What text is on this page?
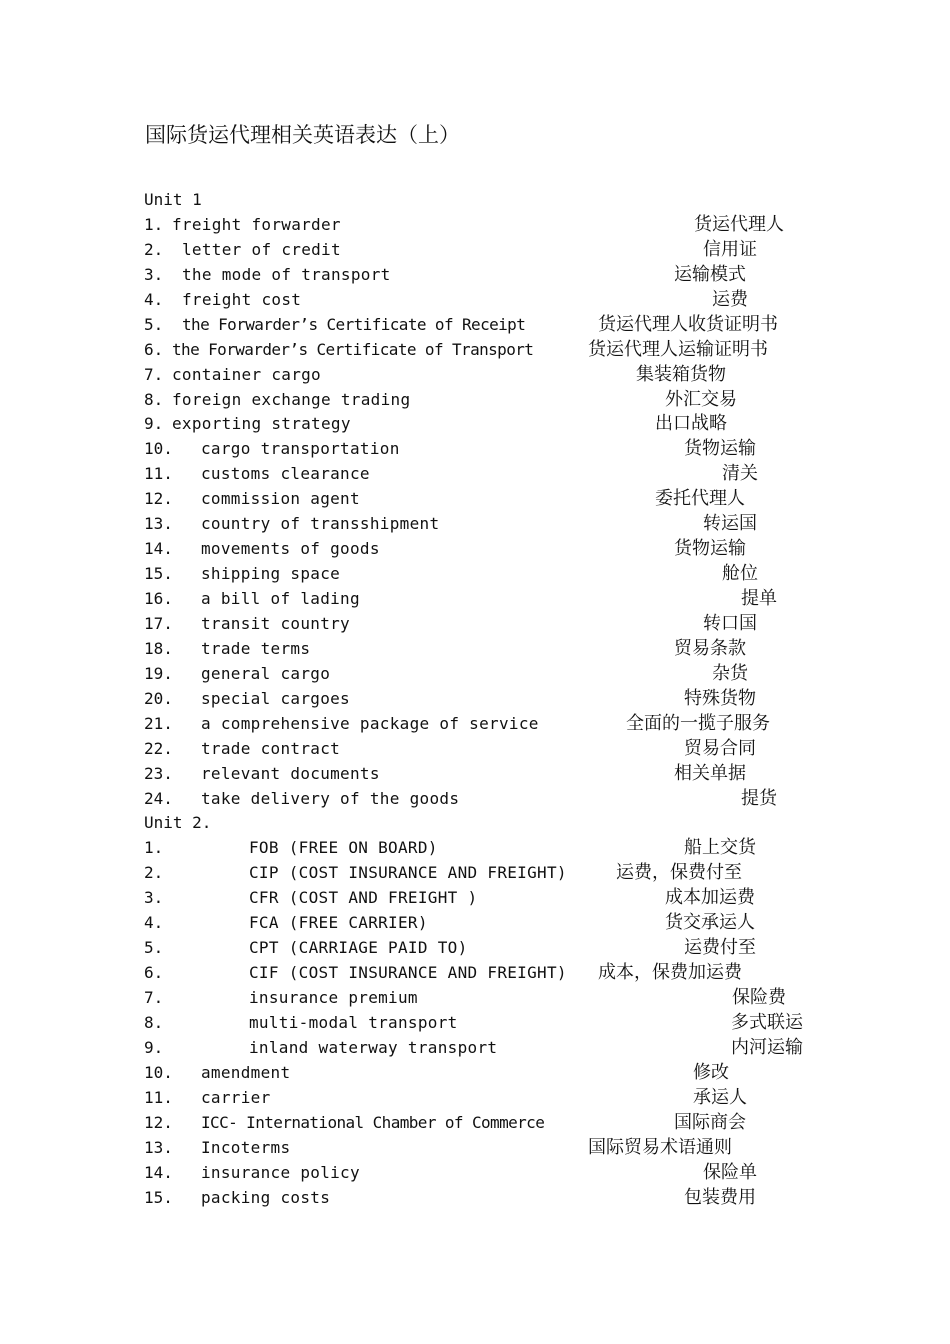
国际货运代理相关英语表达（上）
Unit 1
1. freight forwarder	货运代理人
2. letter of credit	信用证
3. the mode of transport	运输模式
4. freight cost	运费
5. the Forwarder’s Certificate of Receipt	货运代理人收货证明书
6. the Forwarder’s Certificate of Transport	货运代理人运输证明书
7. container cargo	集装箱货物
8. foreign exchange trading	外汇交易
9. exporting strategy	出口战略
10. cargo transportation	货物运输
11. customs clearance	清关
12. commission agent	委托代理人
13. country of transshipment	转运国
14. movements of goods	货物运输
15. shipping space	舱位
16. a bill of lading	提单
17. transit country	转口国
18. trade terms	贸易条款
19. general cargo	杂货
20. special cargoes	特殊货物
21. a comprehensive package of service	全面的一揽子服务
22. trade contract	贸易合同
23. relevant documents	相关单据
24. take delivery of the goods	提货
Unit 2.
1.	FOB (FREE ON BOARD)	船上交货
2.	CIP (COST INSURANCE AND FREIGHT)	运费，保费付至
3.	CFR (COST AND FREIGHT )	成本加运费
4.	FCA (FREE CARRIER)	货交承运人
5.	CPT (CARRIAGE PAID TO)	运费付至
6.	CIF (COST INSURANCE AND FREIGHT) 成本，保费加运费
7.	insurance premium	保险费
8.	multi-modal transport	多式联运
9.	inland waterway transport	内河运输
10. amendment	修改
11. carrier	承运人
12. ICC- International Chamber of Commerce	国际商会
13. Incoterms	国际贸易术语通则
14. insurance policy	保险单
15. packing costs	包装费用
